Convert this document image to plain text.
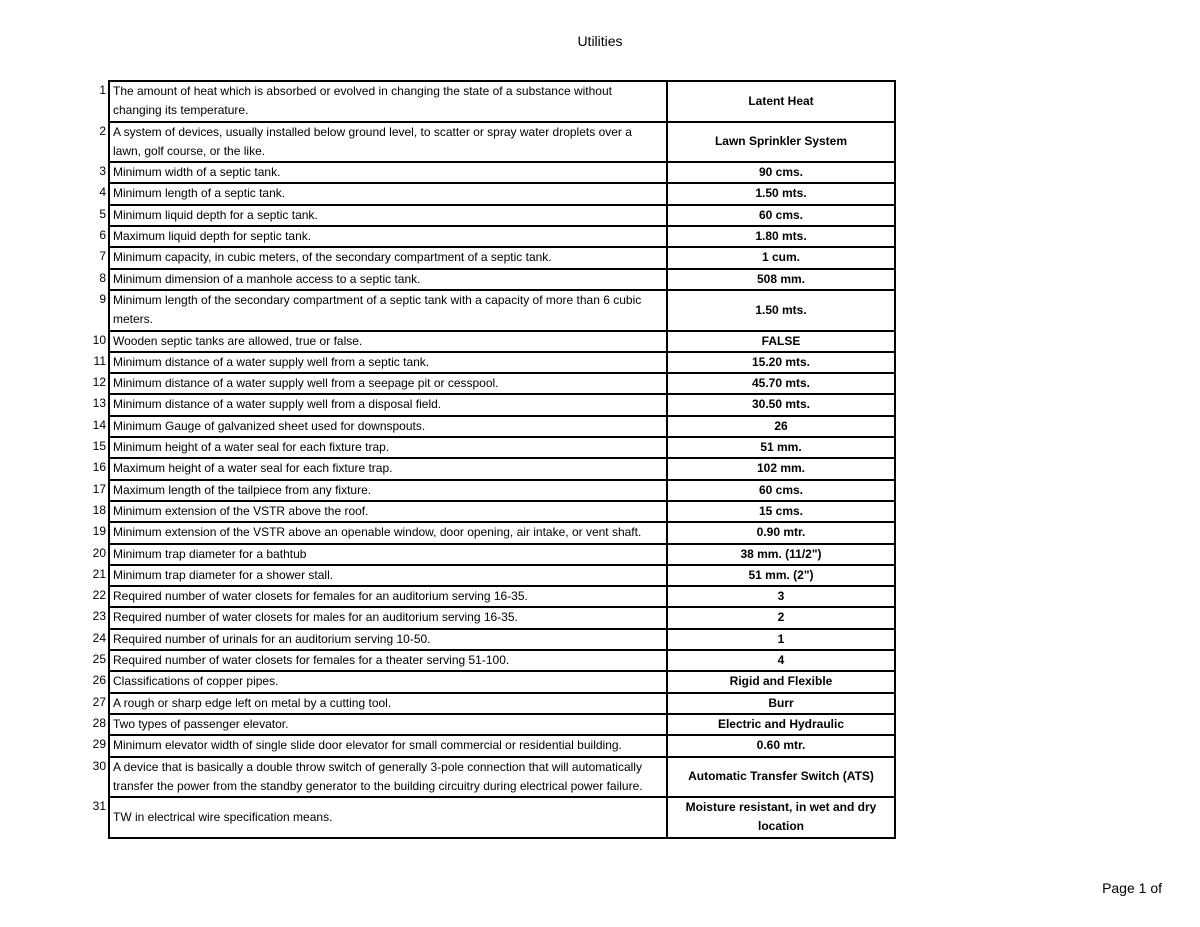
Utilities
1	The amount of heat which is absorbed or evolved in changing the state of a substance without changing its temperature.	Latent Heat
2	A system of devices, usually installed below ground level, to scatter or spray water droplets over a lawn, golf course, or the like.	Lawn Sprinkler System
3	Minimum width of a septic tank.	90 cms.
4	Minimum length of a septic tank.	1.50 mts.
5	Minimum liquid depth for a septic tank.	60 cms.
6	Maximum liquid depth for septic tank.	1.80 mts.
7	Minimum capacity, in cubic meters, of the secondary compartment of a septic tank.	1 cum.
8	Minimum dimension of a manhole access to a septic tank.	508 mm.
9	Minimum length of the secondary compartment of a septic tank with a capacity of more than 6 cubic meters.	1.50 mts.
10	Wooden septic tanks are allowed, true or false.	FALSE
11	Minimum distance of a water supply well from a septic tank.	15.20 mts.
12	Minimum distance of a water supply well from a seepage pit or cesspool.	45.70 mts.
13	Minimum distance of a water supply well from a disposal field.	30.50 mts.
14	Minimum Gauge of galvanized sheet used for downspouts.	26
15	Minimum height of a water seal for each fixture trap.	51 mm.
16	Maximum height of a water seal for each fixture trap.	102 mm.
17	Maximum length of the tailpiece from any fixture.	60 cms.
18	Minimum extension of the VSTR above the roof.	15 cms.
19	Minimum extension of the VSTR above an openable window, door opening, air intake, or vent shaft.	0.90 mtr.
20	Minimum trap diameter for a bathtub	38 mm. (11/2")
21	Minimum trap diameter for a shower stall.	51 mm. (2")
22	Required number of water closets for females for an auditorium serving 16-35.	3
23	Required number of water closets for males for an auditorium serving 16-35.	2
24	Required number of urinals for an auditorium serving 10-50.	1
25	Required number of water closets for females for a theater serving 51-100.	4
26	Classifications of copper pipes.	Rigid and Flexible
27	A rough or sharp edge left on metal by a cutting tool.	Burr
28	Two types of passenger elevator.	Electric and Hydraulic
29	Minimum elevator width of single slide door elevator for small commercial or residential building.	0.60 mtr.
30	A device that is basically a double throw switch of generally 3-pole connection that will automatically transfer the power from the standby generator to the building circuitry during electrical power failure.	Automatic Transfer Switch (ATS)
31	TW in electrical wire specification means.	Moisture resistant, in wet and dry location
Page 1 of
